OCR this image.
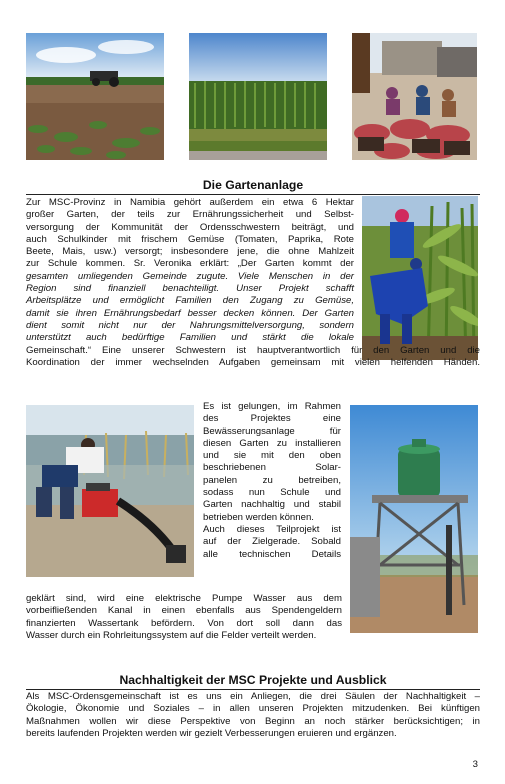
Die Gartenanlage
Zur MSC-Provinz in Namibia gehört außerdem ein etwa 6 Hektar
großer Garten, der teils zur Ernährungssicherheit und Selbst-
versorgung der Kommunität der Ordensschwestern beiträgt, und
auch Schulkinder mit frischem Gemüse (Tomaten, Paprika, Rote
Beete, Mais, usw.) versorgt; insbesondere jene, die ohne Mahlzeit
zur Schule kommen. Sr. Veronika erklärt: „Der Garten kommt der
gesamten umliegenden Gemeinde zugute. Viele Menschen in der
Region sind finanziell benachteiligt. Unser Projekt schafft
Arbeitsplätze und ermöglicht Familien den Zugang zu Gemüse,
damit sie ihren Ernährungsbedarf besser decken können. Der Garten
dient somit nicht nur der Nahrungsmittelversorgung, sondern
unterstützt auch bedürftige Familien und stärkt die lokale
Gemeinschaft.“ Eine unserer Schwestern ist hauptverantwortlich für den Garten und die
Koordination der immer wechselnden Aufgaben gemeinsam mit vielen helfenden Händen.
Es ist gelungen, im Rahmen
des Projektes eine
Bewässerungsanlage für
diesen Garten zu installieren
und sie mit den oben
beschriebenen Solar-
panelen zu betreiben,
sodass nun Schule und
Garten nachhaltig und stabil
betrieben werden können.
Auch dieses Teilprojekt ist
auf der Zielgerade. Sobald
alle technischen Details
geklärt sind, wird eine elektrische Pumpe Wasser aus dem
vorbeifließenden Kanal in einen ebenfalls aus Spendengeldern
finanzierten Wassertank befördern. Von dort soll dann das
Wasser durch ein Rohrleitungssystem auf die Felder verteilt werden.
Nachhaltigkeit der MSC Projekte und Ausblick
Als MSC-Ordensgemeinschaft ist es uns ein Anliegen, die drei Säulen der Nachhaltigkeit –
Ökologie, Ökonomie und Soziales – in allen unseren Projekten mitzudenken. Bei künftigen
Maßnahmen wollen wir diese Perspektive von Beginn an noch stärker berücksichtigen; in
bereits laufenden Projekten werden wir gezielt Verbesserungen eruieren und ergänzen.
3
